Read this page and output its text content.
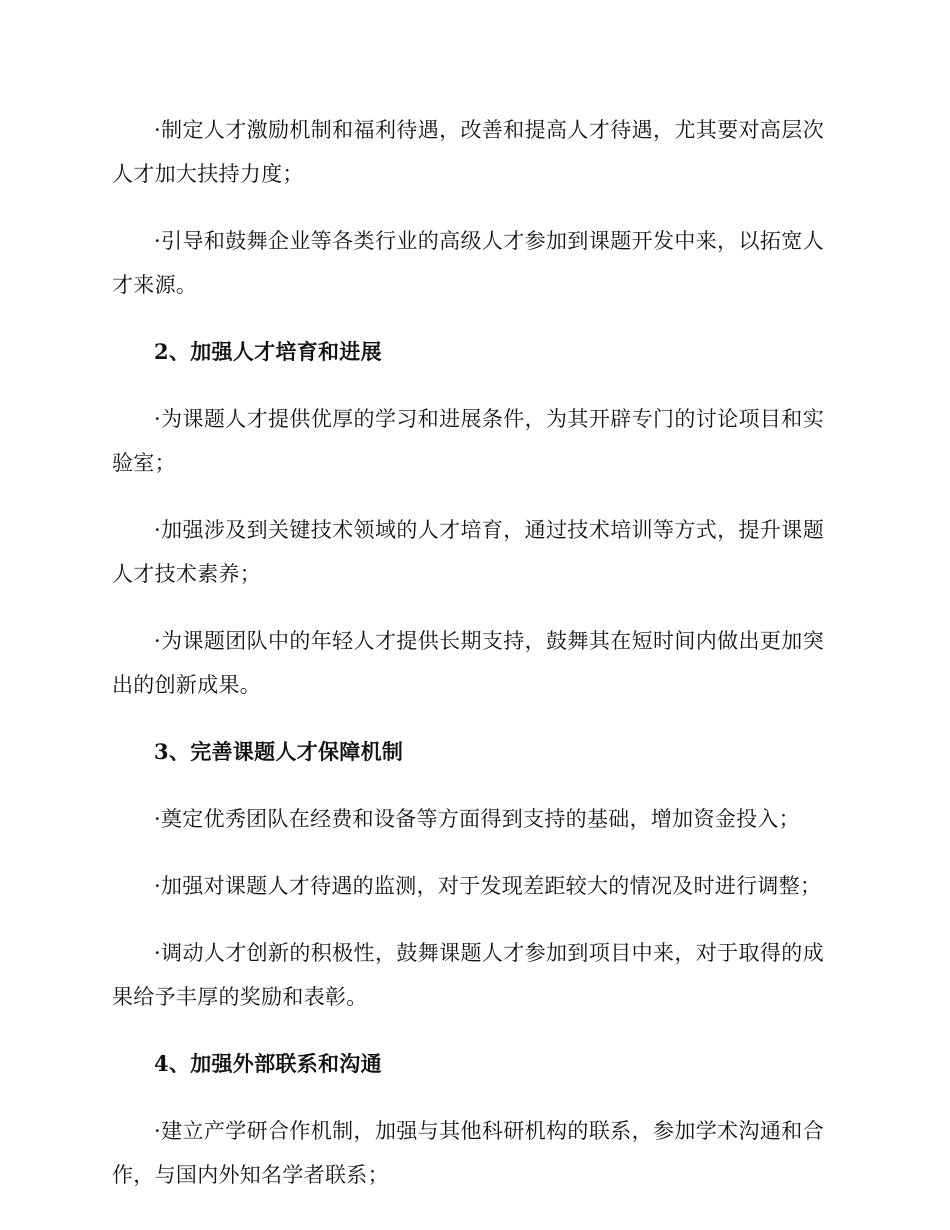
·制定人才激励机制和福利待遇，改善和提高人才待遇，尤其要对高层次人才加大扶持力度；

·引导和鼓舞企业等各类行业的高级人才参加到课题开发中来，以拓宽人才来源。

2、加强人才培育和进展

·为课题人才提供优厚的学习和进展条件，为其开辟专门的讨论项目和实验室；

·加强涉及到关键技术领域的人才培育，通过技术培训等方式，提升课题人才技术素养；

·为课题团队中的年轻人才提供长期支持，鼓舞其在短时间内做出更加突出的创新成果。

3、完善课题人才保障机制

·奠定优秀团队在经费和设备等方面得到支持的基础，增加资金投入；

·加强对课题人才待遇的监测，对于发现差距较大的情况及时进行调整；

·调动人才创新的积极性，鼓舞课题人才参加到项目中来，对于取得的成果给予丰厚的奖励和表彰。

4、加强外部联系和沟通

·建立产学研合作机制，加强与其他科研机构的联系，参加学术沟通和合作，与国内外知名学者联系；
